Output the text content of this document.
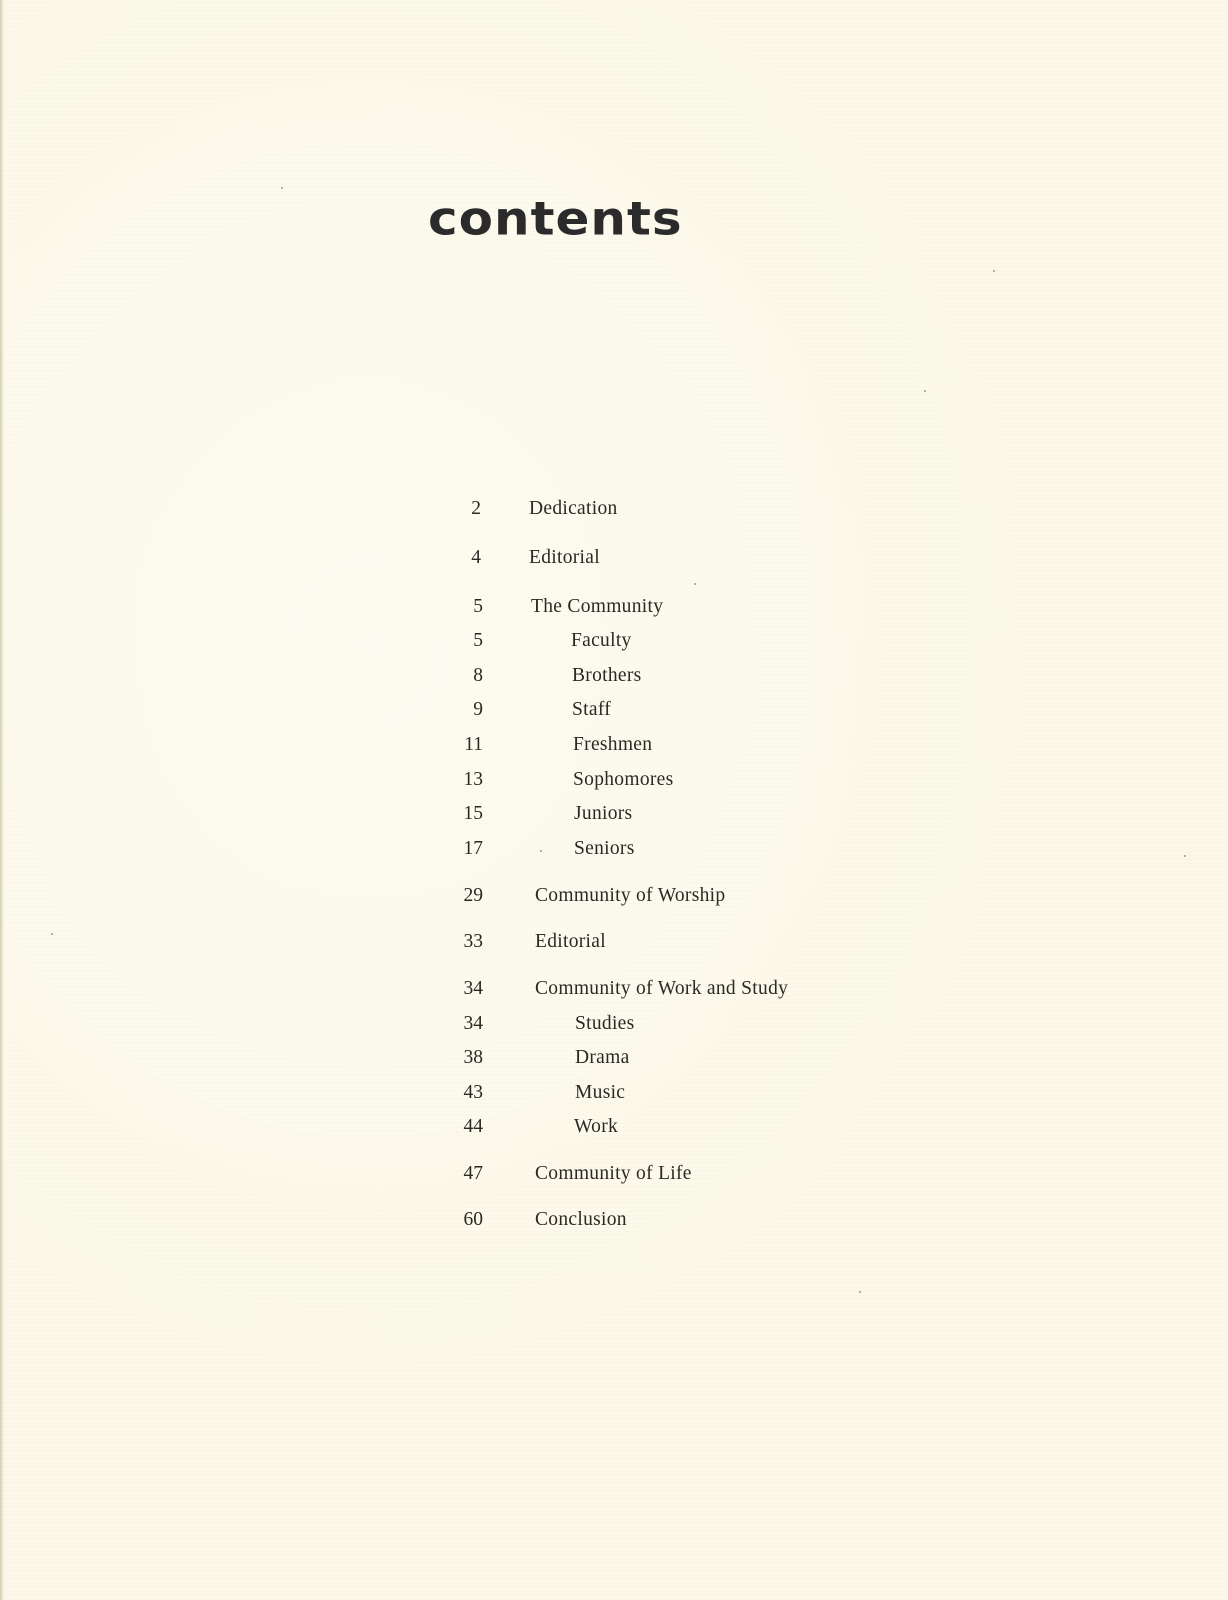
contents
2 Dedication
4 Editorial
5 The Community
5	Faculty
8	Brothers
9	Staff
11	Freshmen
13	Sophomores
15	Juniors
17	Seniors
29	Community of Worship
33	Editorial
34	Community of Work and Study
34	Studies
38	Drama
43	Music
44	Work
47	Community of Life
60	Conclusion
